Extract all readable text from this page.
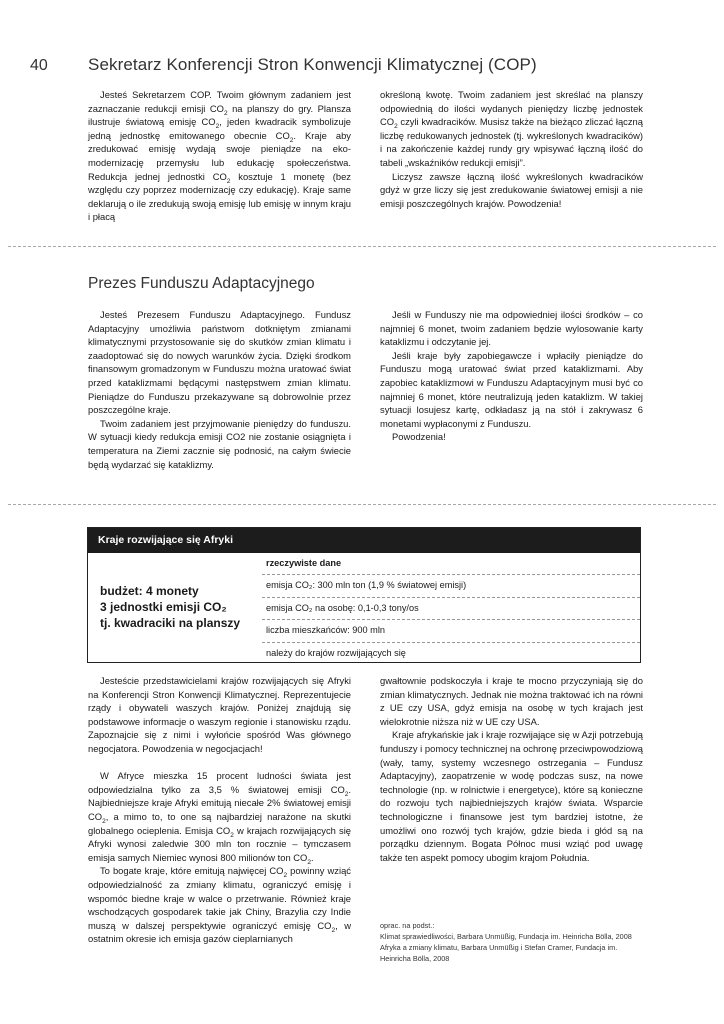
40 Sekretarz Konferencji Stron Konwencji Klimatycznej (COP)

Jesteś Sekretarzem COP. Twoim głównym zadaniem jest zaznaczanie redukcji emisji $CO_2$ na planszy do gry. Plansza ilustruje światową emisję $CO_2$, jeden kwadracik symbolizuje jedną jednostkę emitowanego obecnie $CO_2$. Kraje aby zredukować emisję wydają swoje pieniądze na eko-modernizację przemysłu lub edukację społeczeństwa. Redukcja jednej jednostki $CO_2$ kosztuje 1 monetę (bez względu czy poprzez modernizację czy edukację). Kraje same deklarują o ile zredukują swoją emisję lub emisję w innym kraju i płacą

określoną kwotę. Twoim zadaniem jest skreślać na planszy odpowiednią do ilości wydanych pieniędzy liczbę jednostek $CO_2$ czyli kwadracików. Musisz także na bieżąco zliczać łączną liczbę redukowanych jednostek (tj. wykreślonych kwadracików) i na zakończenie każdej rundy gry wpisywać łączną ilość do tabeli „wskaźników redukcji emisji”.

Liczysz zawsze łączną ilość wykreślonych kwadracików gdyż w grze liczy się jest zredukowanie światowej emisji a nie emisji poszczególnych krajów. Powodzenia!

Prezes Funduszu Adaptacyjnego

Jesteś Prezesem Funduszu Adaptacyjnego. Fundusz Adaptacyjny umożliwia państwom dotkniętym zmianami klimatycznymi przystosowanie się do skutków zmian klimatu i zaadoptować się do nowych warunków życia. Dzięki środkom finansowym gromadzonym w Funduszu można uratować świat przed kataklizmami będącymi następstwem zmian klimatu. Pieniądze do Funduszu przekazywane są dobrowolnie przez poszczególne kraje.

Twoim zadaniem jest przyjmowanie pieniędzy do funduszu. W sytuacji kiedy redukcja emisji CO2 nie zostanie osiągnięta i temperatura na Ziemi zacznie się podnosić, na całym świecie będą wydarzać się kataklizmy.

Jeśli w Funduszy nie ma odpowiedniej ilości środków – co najmniej 6 monet, twoim zadaniem będzie wylosowanie karty kataklizmu i odczytanie jej.

Jeśli kraje były zapobiegawcze i wpłaciły pieniądze do Funduszu mogą uratować świat przed kataklizmami. Aby zapobiec kataklizmowi w Funduszu Adaptacyjnym musi być co najmniej 6 monet, które neutralizują jeden kataklizm. W takiej sytuacji losujesz kartę, odkładasz ją na stół i zakrywasz 6 monetami wypłaconymi z Funduszu.

Powodzenia!

Kraje rozwijające się Afryki
budżet: 4 monety
3 jednostki emisji CO₂
tj. kwadraciki na planszy
rzeczywiste dane
emisja CO₂: 300 mln ton (1,9 % światowej emisji)
emisja CO₂ na osobę: 0,1-0,3 tony/os
liczba mieszkańców: 900 mln
należy do krajów rozwijających się

Jesteście przedstawicielami krajów rozwijających się Afryki na Konferencji Stron Konwencji Klimatycznej. Reprezentujecie rządy i obywateli waszych krajów. Poniżej znajdują się podstawowe informacje o waszym regionie i stanowisku rządu. Zapoznajcie się z nimi i wyłońcie spośród Was głównego negocjatora. Powodzenia w negocjacjach!

W Afryce mieszka 15 procent ludności świata jest odpowiedzialna tylko za 3,5 % światowej emisji $CO_2$. Najbiedniejsze kraje Afryki emitują niecałe 2% światowej emisji $CO_2$, a mimo to, to one są najbardziej narażone na skutki globalnego ocieplenia. Emisja $CO_2$ w krajach rozwijających się Afryki wynosi zaledwie 300 mln ton rocznie – tymczasem emisja samych Niemiec wynosi 800 milionów ton $CO_2$.

To bogate kraje, które emitują najwięcej $CO_2$ powinny wziąć odpowiedzialność za zmiany klimatu, ograniczyć emisję i wspomóc biedne kraje w walce o przetrwanie. Również kraje wschodzących gospodarek takie jak Chiny, Brazylia czy Indie muszą w dalszej perspektywie ograniczyć emisję $CO_2$, w ostatnim okresie ich emisja gazów cieplarnianych

gwałtownie podskoczyła i kraje te mocno przyczyniają się do zmian klimatycznych. Jednak nie można traktować ich na równi z UE czy USA, gdyż emisja na osobę w tych krajach jest wielokrotnie niższa niż w UE czy USA.

Kraje afrykańskie jak i kraje rozwijające się w Azji potrzebują funduszy i pomocy technicznej na ochronę przeciwpowodziową (wały, tamy, systemy wczesnego ostrzegania – Fundusz Adaptacyjny), zaopatrzenie w wodę podczas susz, na nowe technologie (np. w rolnictwie i energetyce), które są konieczne do rozwoju tych najbiedniejszych krajów świata. Wsparcie technologiczne i finansowe jest tym bardziej istotne, że umożliwi ono rozwój tych krajów, gdzie bieda i głód są na porządku dziennym. Bogata Północ musi wziąć pod uwagę także ten aspekt pomocy ubogim krajom Południa.

oprac. na podst.:
Klimat sprawiedliwości, Barbara Unmüßig, Fundacja im. Heinricha Bölla, 2008
Afryka a zmiany klimatu, Barbara Unmüßig i Stefan Cramer, Fundacja im.
Heinricha Bölla, 2008
